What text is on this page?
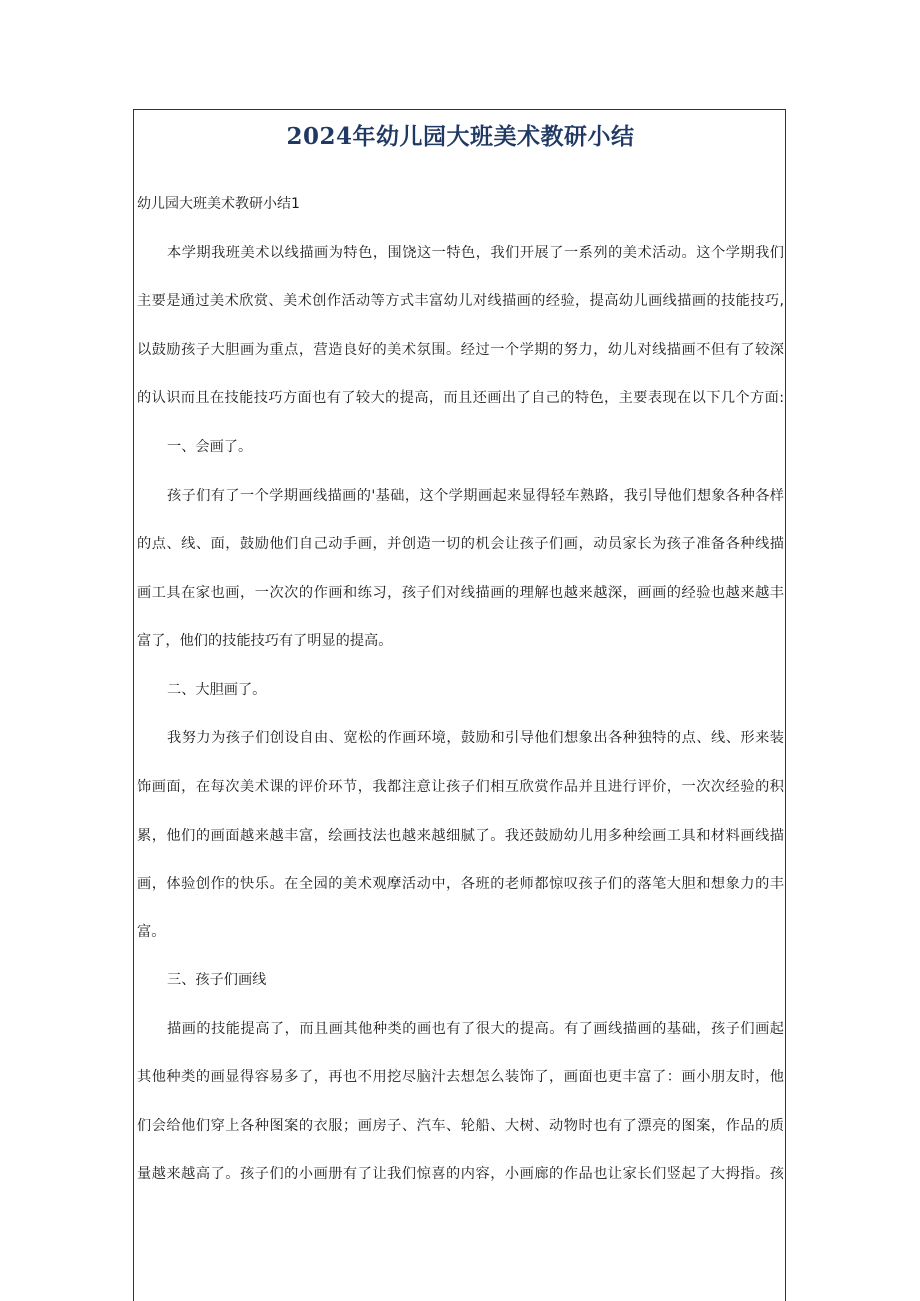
2024年幼儿园大班美术教研小结
幼儿园大班美术教研小结1
本学期我班美术以线描画为特色，围饶这一特色，我们开展了一系列的美术活动。这个学期我们
主要是通过美术欣赏、美术创作活动等方式丰富幼儿对线描画的经验，提高幼儿画线描画的技能技巧,
以鼓励孩子大胆画为重点，营造良好的美术氛围。经过一个学期的努力，幼儿对线描画不但有了较深
的认识而且在技能技巧方面也有了较大的提高，而且还画出了自己的特色，主要表现在以下几个方面:
一、会画了。
孩子们有了一个学期画线描画的'基础，这个学期画起来显得轻车熟路，我引导他们想象各种各样
的点、线、面，鼓励他们自己动手画，并创造一切的机会让孩子们画，动员家长为孩子准备各种线描
画工具在家也画，一次次的作画和练习，孩子们对线描画的理解也越来越深，画画的经验也越来越丰
富了，他们的技能技巧有了明显的提高。
二、大胆画了。
我努力为孩子们创设自由、宽松的作画环境，鼓励和引导他们想象出各种独特的点、线、形来装
饰画面，在每次美术课的评价环节，我都注意让孩子们相互欣赏作品并且进行评价，一次次经验的积
累，他们的画面越来越丰富，绘画技法也越来越细腻了。我还鼓励幼儿用多种绘画工具和材料画线描
画，体验创作的快乐。在全园的美术观摩活动中，各班的老师都惊叹孩子们的落笔大胆和想象力的丰
富。
三、孩子们画线
描画的技能提高了，而且画其他种类的画也有了很大的提高。有了画线描画的基础，孩子们画起
其他种类的画显得容易多了，再也不用挖尽脑汁去想怎么装饰了，画面也更丰富了：画小朋友时，他
们会给他们穿上各种图案的衣服；画房子、汽车、轮船、大树、动物时也有了漂亮的图案，作品的质
量越来越高了。孩子们的小画册有了让我们惊喜的内容，小画廊的作品也让家长们竖起了大拇指。孩
